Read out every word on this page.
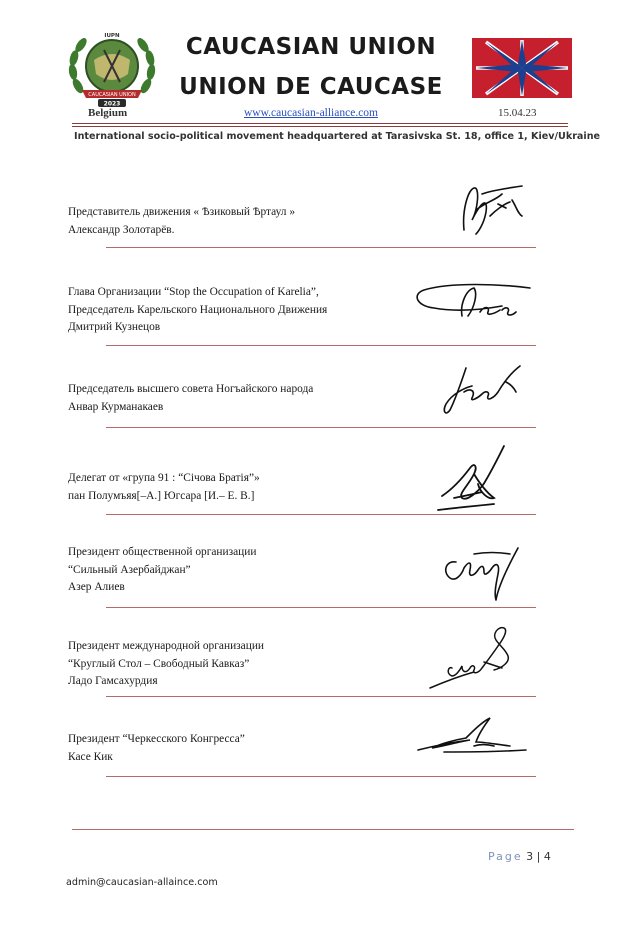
CAUCASIAN UNION
2023
IUPN	CAUCASIAN UNION
UNION DE CAUCASE
Belgium	www.caucasian-alliance.com	15.04.23
International socio-political movement headquartered at Tarasivska St. 18, office 1, Kiev/Ukraine
Представитель движения « Ѣзиковый Ѣртаул »
Александр Золотарёв.
Глава Организации “Stop the Occupation of Karelia”,
Председатель Карельского Национального Движения
Дмитрий Кузнецов
Председатель высшего совета Ногъайского народа
Анвар Курманакаев
Делегат от «група 91 : “Січова Братія”»
пан Полумъяя[–А.] Югсара [И.– Е. В.]
Президент общественной организации
“Сильный Азербайджан”
Азер Алиев
Президент международной организации
“Круглый Стол – Свободный Кавказ”
Ладо Гамсахурдия
Президент “Черкесского Конгресса”
Касе Кик
Page 3 | 4
admin@caucasian-allaince.com
